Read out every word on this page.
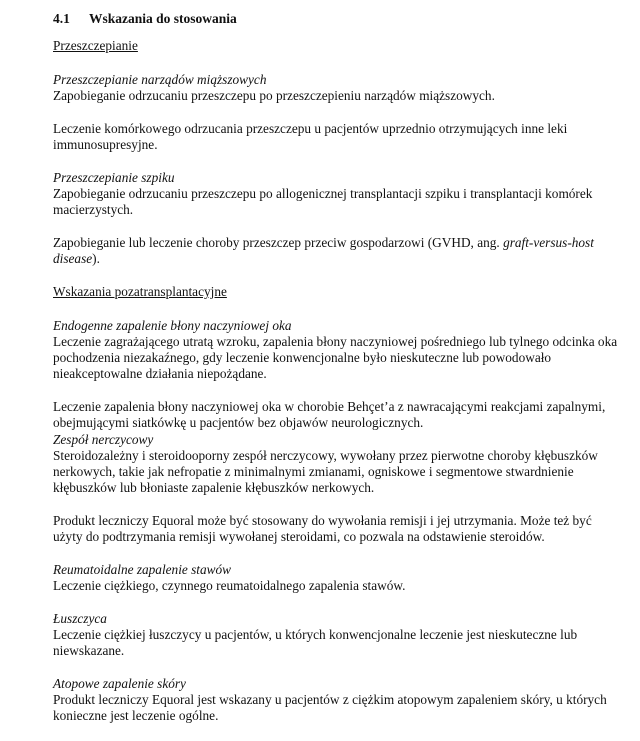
4.1	Wskazania do stosowania
Przeszczepianie
Przeszczepianie narządów miąższowych
Zapobieganie odrzucaniu przeszczepu po przeszczepieniu narządów miąższowych.
Leczenie komórkowego odrzucania przeszczepu u pacjentów uprzednio otrzymujących inne leki immunosupresyjne.
Przeszczepianie szpiku
Zapobieganie odrzucaniu przeszczepu po allogenicznej transplantacji szpiku i transplantacji komórek macierzystych.
Zapobieganie lub leczenie choroby przeszczep przeciw gospodarzowi (GVHD, ang. graft-versus-host disease).
Wskazania pozatransplantacyjne
Endogenne zapalenie błony naczyniowej oka
Leczenie zagrażającego utratą wzroku, zapalenia błony naczyniowej pośredniego lub tylnego odcinka oka pochodzenia niezakaźnego, gdy leczenie konwencjonalne było nieskuteczne lub powodowało nieakceptowalne działania niepożądane.
Leczenie zapalenia błony naczyniowej oka w chorobie Behçet’a z nawracającymi reakcjami zapalnymi, obejmującymi siatkówkę u pacjentów bez objawów neurologicznych.
Zespół nerczycowy
Steroidozależny i steroidooporny zespół nerczycowy, wywołany przez pierwotne choroby kłębuszków nerkowych, takie jak nefropatie z minimalnymi zmianami, ogniskowe i segmentowe stwardnienie kłębuszków lub błoniaste zapalenie kłębuszków nerkowych.
Produkt leczniczy Equoral może być stosowany do wywołania remisji i jej utrzymania. Może też być użyty do podtrzymania remisji wywołanej steroidami, co pozwala na odstawienie steroidów.
Reumatoidalne zapalenie stawów
Leczenie ciężkiego, czynnego reumatoidalnego zapalenia stawów.
Łuszczyca
Leczenie ciężkiej łuszczycy u pacjentów, u których konwencjonalne leczenie jest nieskuteczne lub niewskazane.
Atopowe zapalenie skóry
Produkt leczniczy Equoral jest wskazany u pacjentów z ciężkim atopowym zapaleniem skóry, u których konieczne jest leczenie ogólne.
